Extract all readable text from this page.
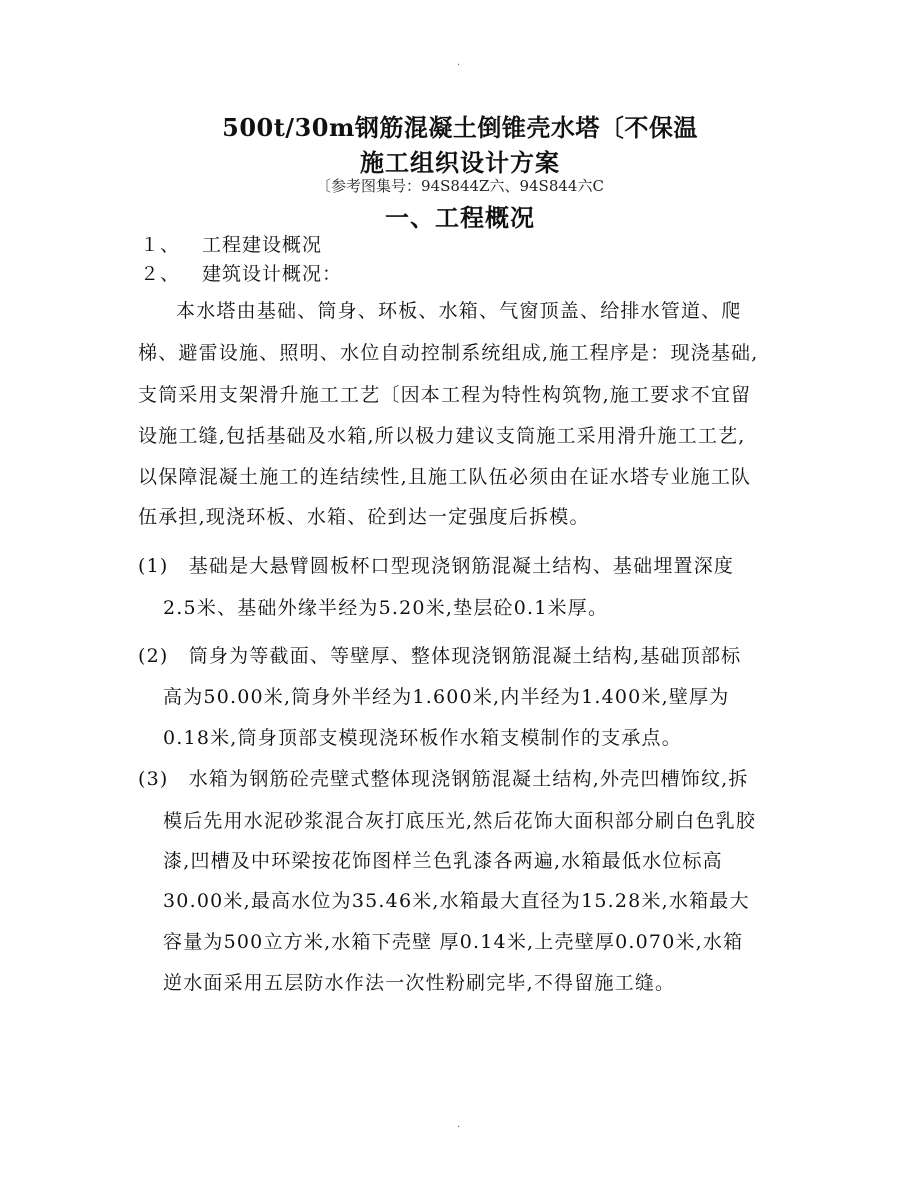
.
500t/30m钢筋混凝土倒锥壳水塔〔不保温
施工组织设计方案
〔参考图集号：94S844Z六、94S844六C
一、工程概况
１、 工程建设概况
２、 建筑设计概况：
本水塔由基础、筒身、环板、水箱、气窗顶盖、给排水管道、爬
梯、避雷设施、照明、水位自动控制系统组成,施工程序是：现浇基础,
支筒采用支架滑升施工工艺〔因本工程为特性构筑物,施工要求不宜留
设施工缝,包括基础及水箱,所以极力建议支筒施工采用滑升施工工艺,
以保障混凝土施工的连结续性,且施工队伍必须由在证水塔专业施工队
伍承担,现浇环板、水箱、砼到达一定强度后拆模。
(1)　基础是大悬臂圆板杯口型现浇钢筋混凝土结构、基础埋置深度
2.5米、基础外缘半经为5.20米,垫层砼0.1米厚。
(2)　筒身为等截面、等壁厚、整体现浇钢筋混凝土结构,基础顶部标
高为50.00米,筒身外半经为1.600米,内半经为1.400米,壁厚为
0.18米,筒身顶部支模现浇环板作水箱支模制作的支承点。
(3)　水箱为钢筋砼壳壁式整体现浇钢筋混凝土结构,外壳凹槽饰纹,拆
模后先用水泥砂浆混合灰打底压光,然后花饰大面积部分刷白色乳胶
漆,凹槽及中环梁按花饰图样兰色乳漆各两遍,水箱最低水位标高
30.00米,最高水位为35.46米,水箱最大直径为15.28米,水箱最大
容量为500立方米,水箱下壳壁 厚0.14米,上壳壁厚0.070米,水箱
逆水面采用五层防水作法一次性粉刷完毕,不得留施工缝。
.
